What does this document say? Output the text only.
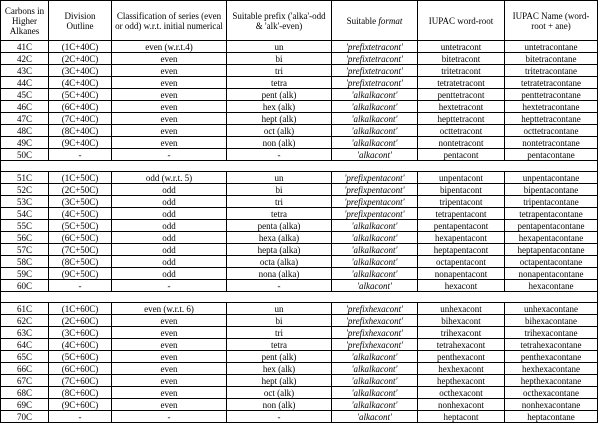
Carbons in Higher Alkanes	Division Outline	Classification of series (even or odd) w.r.t. initial numerical	Suitable prefix ('alka'-odd & 'alk'-even)	Suitable format	IUPAC word-root	IUPAC Name (word-root + ane)
41C	(1C+40C)	even (w.r.t.4)	un	'prefixtetracont'	untetracont	untetracontane
42C	(2C+40C)	even	bi	'prefixtetracont'	bitetracont	bitetracontane
43C	(3C+40C)	even	tri	'prefixtetracont'	tritetracont	tritetracontane
44C	(4C+40C)	even	tetra	'prefixtetracont'	tetratetracont	tetratetracontane
45C	(5C+40C)	even	pent (alk)	'alkalkacont'	penttetracont	penttetracontane
46C	(6C+40C)	even	hex (alk)	'alkalkacont'	hextetracont	hextetracontane
47C	(7C+40C)	even	hept (alk)	'alkalkacont'	hepttetracont	hepttetracontane
48C	(8C+40C)	even	oct (alk)	'alkalkacont'	octtetracont	octtetracontane
49C	(9C+40C)	even	non (alk)	'alkalkacont'	nontetracont	nontetracontane
50C	-	-	-	'alkacont'	pentacont	pentacontane

51C	(1C+50C)	odd (w.r.t. 5)	un	'prefixpentacont'	unpentacont	unpentacontane
52C	(2C+50C)	odd	bi	'prefixpentacont'	bipentacont	bipentacontane
53C	(3C+50C)	odd	tri	'prefixpentacont'	tripentacont	tripentacontane
54C	(4C+50C)	odd	tetra	'prefixpentacont'	tetrapentacont	tetrapentacontane
55C	(5C+50C)	odd	penta (alka)	'alkalkacont'	pentapentacont	pentapentacontane
56C	(6C+50C)	odd	hexa (alka)	'alkalkacont'	hexapentacont	hexapentacontane
57C	(7C+50C)	odd	hepta (alka)	'alkalkacont'	heptapentacont	heptapentacontane
58C	(8C+50C)	odd	octa (alka)	'alkalkacont'	octapentacont	octapentacontane
59C	(9C+50C)	odd	nona (alka)	'alkalkacont'	nonapentacont	nonapentacontane
60C	-	-	-	'alkacont'	hexacont	hexacontane

61C	(1C+60C)	even (w.r.t. 6)	un	'prefixhexacont'	unhexacont	unhexacontane
62C	(2C+60C)	even	bi	'prefixhexacont'	bihexacont	bihexacontane
63C	(3C+60C)	even	tri	'prefixhexacont'	trihexacont	trihexacontane
64C	(4C+60C)	even	tetra	'prefixhexacont'	tetrahexacont	tetrahexacontane
65C	(5C+60C)	even	pent (alk)	'alkalkacont'	penthexacont	penthexacontane
66C	(6C+60C)	even	hex (alk)	'alkalkacont'	hexhexacont	hexhexacontane
67C	(7C+60C)	even	hept (alk)	'alkalkacont'	hepthexacont	hepthexacontane
68C	(8C+60C)	even	oct (alk)	'alkalkacont'	octhexacont	octhexacontane
69C	(9C+60C)	even	non (alk)	'alkalkacont'	nonhexacont	nonhexacontane
70C	-	-	-	'alkacont'	heptacont	heptacontane
